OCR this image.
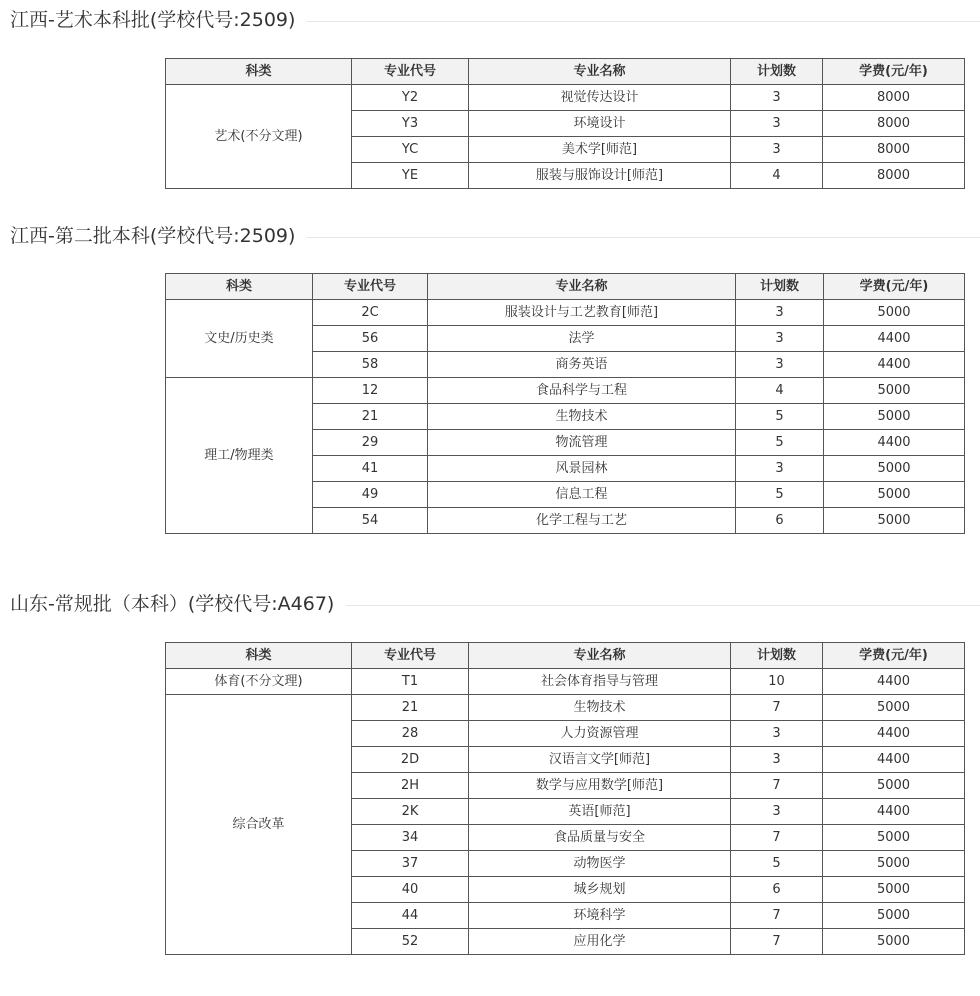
江西-艺术本科批(学校代号:2509)
科类	专业代号	专业名称	计划数	学费(元/年)
艺术(不分文理)	Y2	视觉传达设计	3	8000
	Y3	环境设计	3	8000
	YC	美术学[师范]	3	8000
	YE	服装与服饰设计[师范]	4	8000
江西-第二批本科(学校代号:2509)
科类	专业代号	专业名称	计划数	学费(元/年)
文史/历史类	2C	服装设计与工艺教育[师范]	3	5000
	56	法学	3	4400
	58	商务英语	3	4400
理工/物理类	12	食品科学与工程	4	5000
	21	生物技术	5	5000
	29	物流管理	5	4400
	41	风景园林	3	5000
	49	信息工程	5	5000
	54	化学工程与工艺	6	5000
山东-常规批（本科）(学校代号:A467)
科类	专业代号	专业名称	计划数	学费(元/年)
体育(不分文理)	T1	社会体育指导与管理	10	4400
综合改革	21	生物技术	7	5000
	28	人力资源管理	3	4400
	2D	汉语言文学[师范]	3	4400
	2H	数学与应用数学[师范]	7	5000
	2K	英语[师范]	3	4400
	34	食品质量与安全	7	5000
	37	动物医学	5	5000
	40	城乡规划	6	5000
	44	环境科学	7	5000
	52	应用化学	7	5000
